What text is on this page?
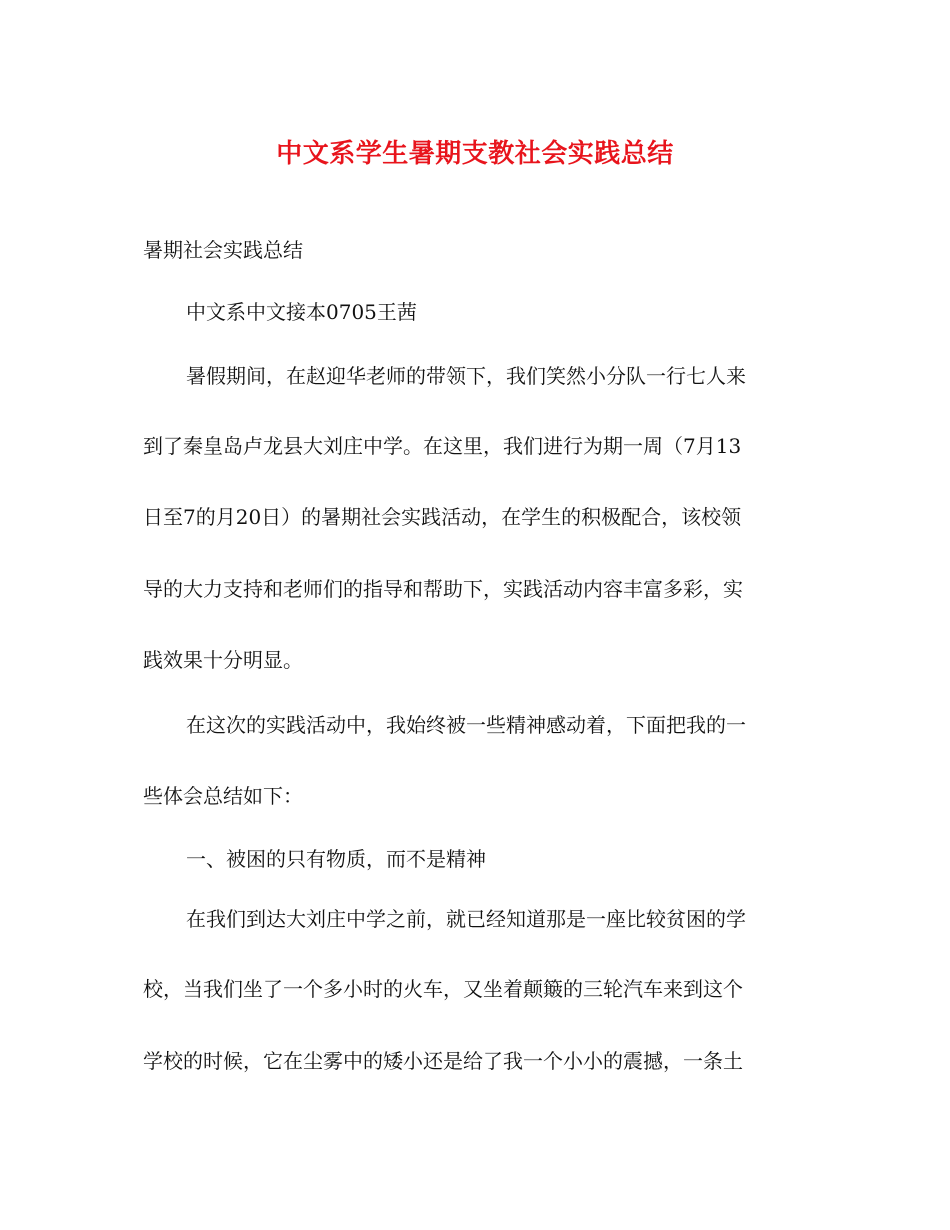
中文系学生暑期支教社会实践总结
暑期社会实践总结
中文系中文接本0705王茜
暑假期间，在赵迎华老师的带领下，我们笑然小分队一行七人来
到了秦皇岛卢龙县大刘庄中学。在这里，我们进行为期一周（7月13
日至7的月20日）的暑期社会实践活动，在学生的积极配合，该校领
导的大力支持和老师们的指导和帮助下，实践活动内容丰富多彩，实
践效果十分明显。
在这次的实践活动中，我始终被一些精神感动着，下面把我的一
些体会总结如下：
一、被困的只有物质，而不是精神
在我们到达大刘庄中学之前，就已经知道那是一座比较贫困的学
校，当我们坐了一个多小时的火车，又坐着颠簸的三轮汽车来到这个
学校的时候，它在尘雾中的矮小还是给了我一个小小的震撼，一条土
